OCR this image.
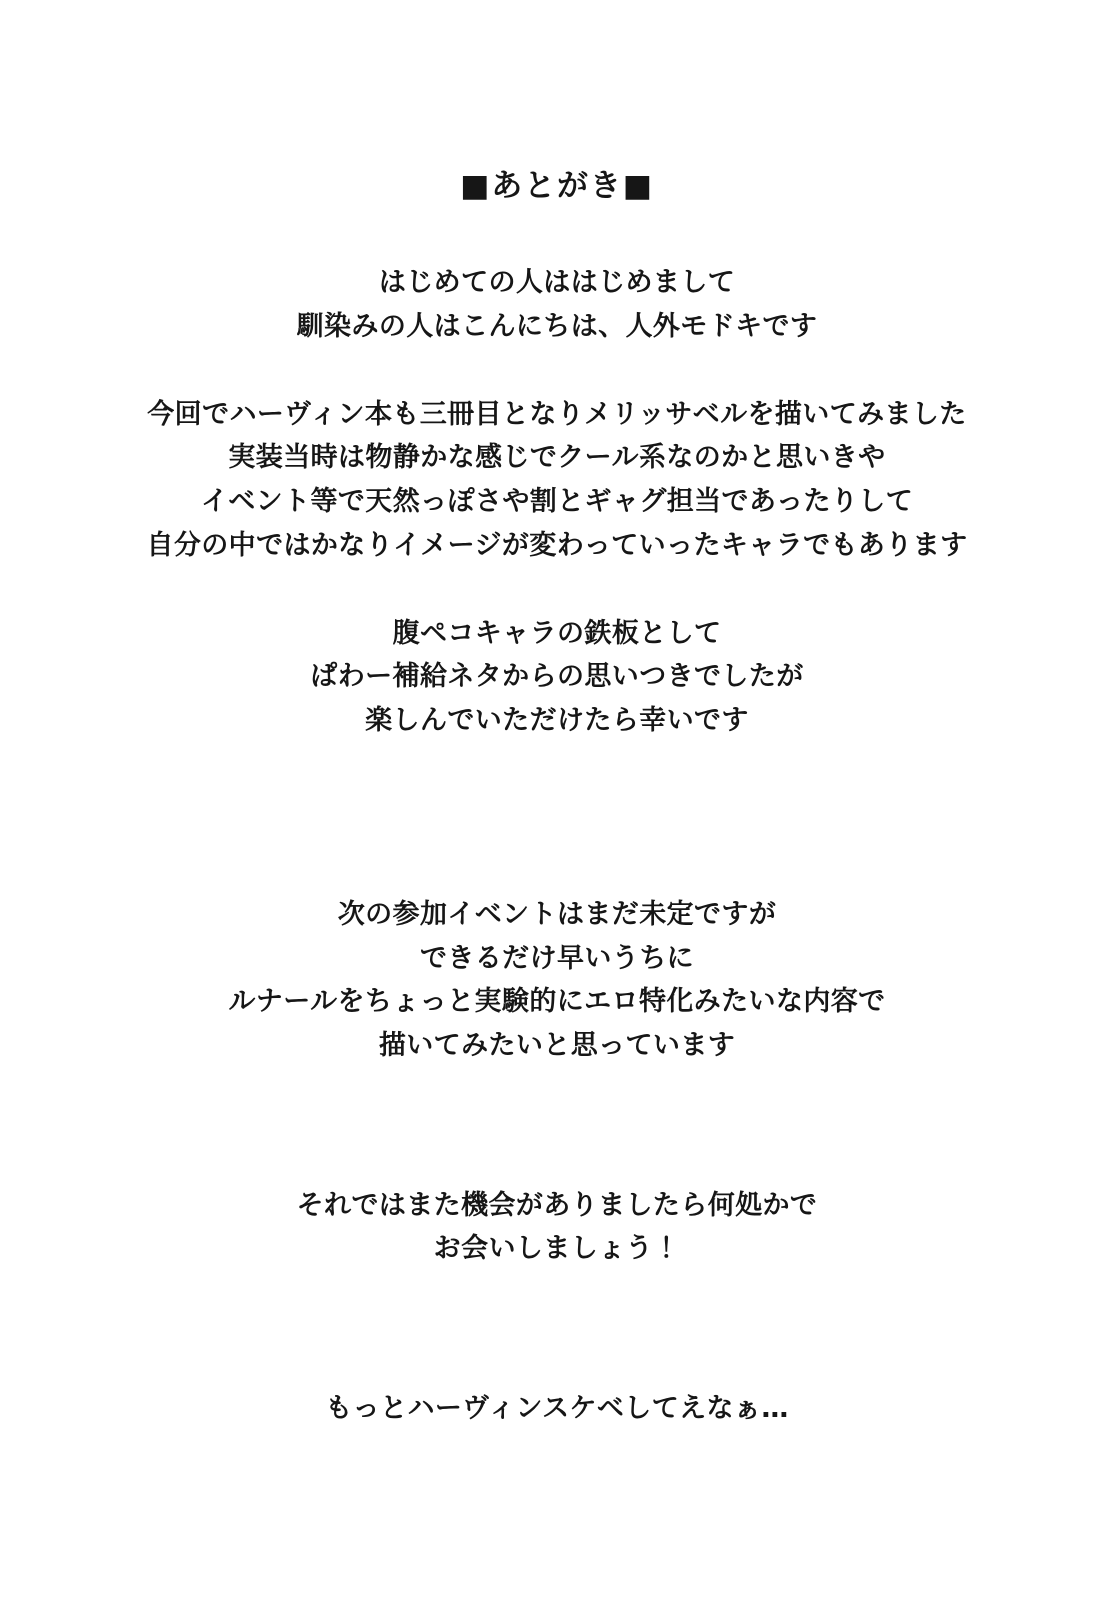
■あとがき■
はじめての人ははじめまして
馴染みの人はこんにちは、人外モドキです
今回でハーヴィン本も三冊目となりメリッサベルを描いてみました
実装当時は物静かな感じでクール系なのかと思いきや
イベント等で天然っぽさや割とギャグ担当であったりして
自分の中ではかなりイメージが変わっていったキャラでもあります
腹ペコキャラの鉄板として
ぱわー補給ネタからの思いつきでしたが
楽しんでいただけたら幸いです
次の参加イベントはまだ未定ですが
できるだけ早いうちに
ルナールをちょっと実験的にエロ特化みたいな内容で
描いてみたいと思っています
それではまた機会がありましたら何処かで
お会いしましょう！
もっとハーヴィンスケベしてえなぁ…
